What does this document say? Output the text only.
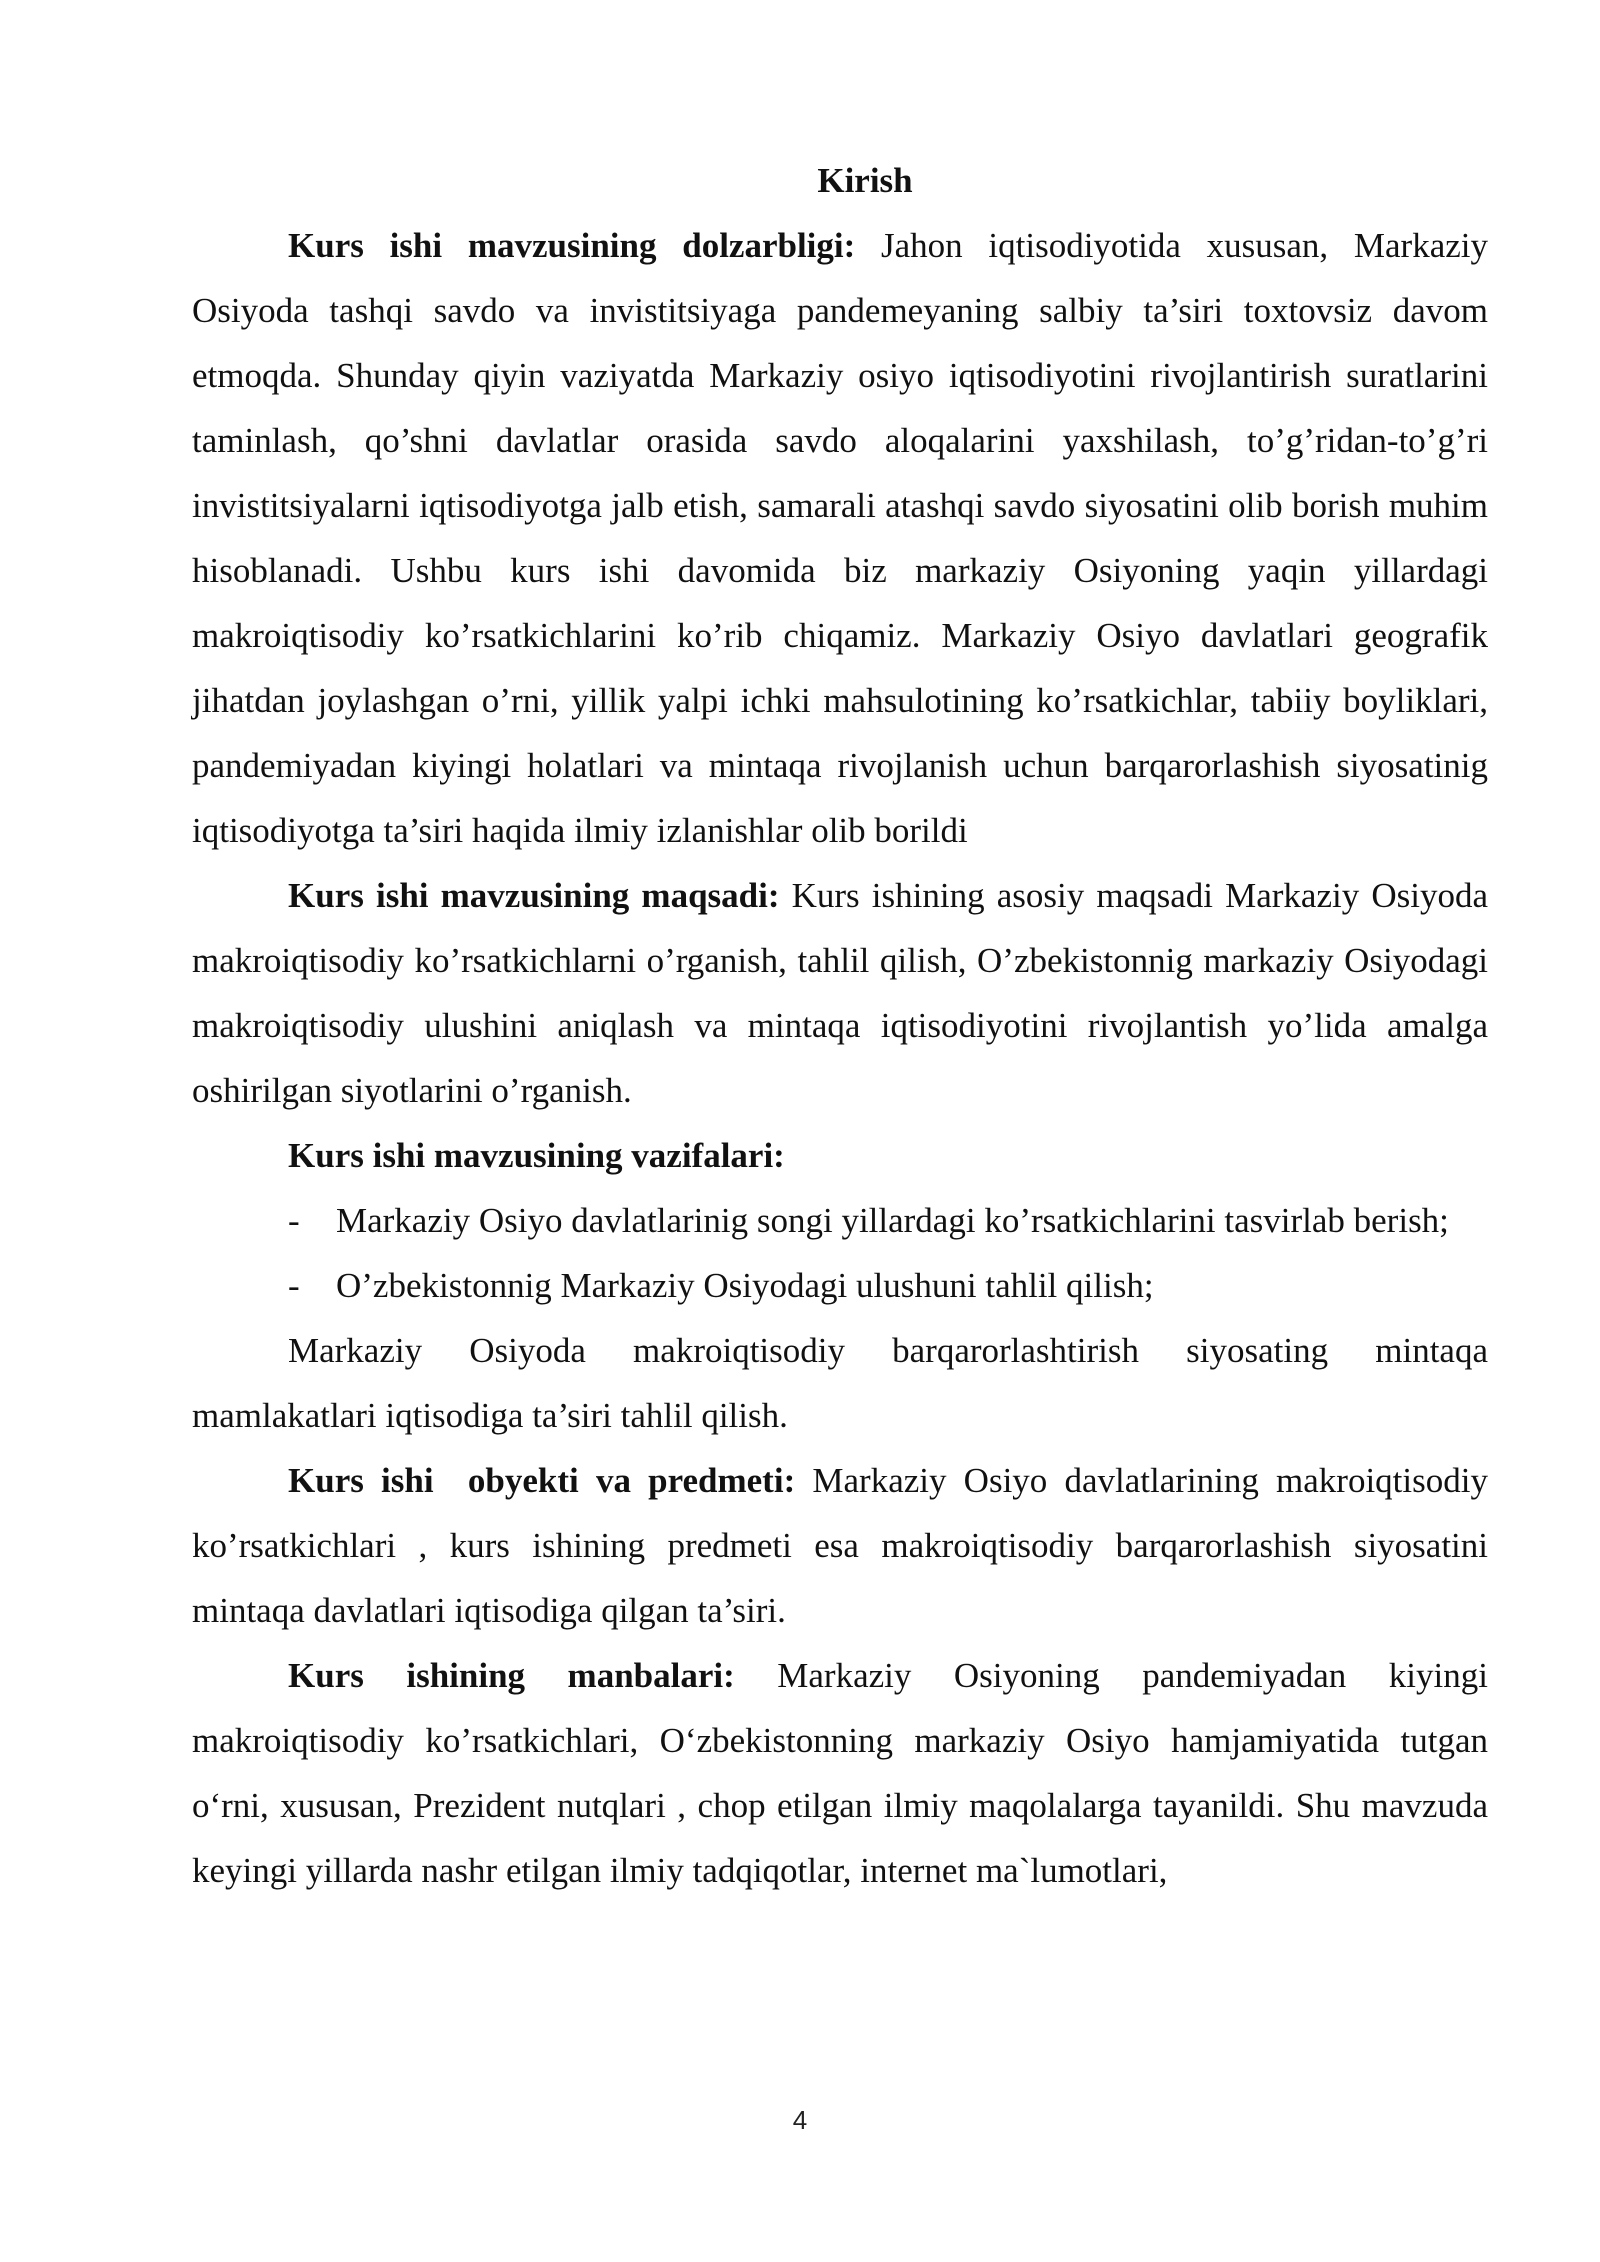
Kirish

Kurs ishi mavzusining dolzarbligi: Jahon iqtisodiyotida xususan, Markaziy Osiyoda tashqi savdo va invistitsiyaga pandemeyaning salbiy ta’siri toxtovsiz davom etmoqda. Shunday qiyin vaziyatda Markaziy osiyo iqtisodiyotini rivojlantirish suratlarini taminlash, qo’shni davlatlar orasida savdo aloqalarini yaxshilash, to’g’ridan-to’g’ri invistitsiyalarni iqtisodiyotga jalb etish, samarali atashqi savdo siyosatini olib borish muhim hisoblanadi. Ushbu kurs ishi davomida biz markaziy Osiyoning yaqin yillardagi makroiqtisodiy ko’rsatkichlarini ko’rib chiqamiz. Markaziy Osiyo davlatlari geografik jihatdan joylashgan o’rni, yillik yalpi ichki mahsulotining ko’rsatkichlar, tabiiy boyliklari, pandemiyadan kiyingi holatlari va mintaqa rivojlanish uchun barqarorlashish siyosatinig iqtisodiyotga ta’siri haqida ilmiy izlanishlar olib borildi

Kurs ishi mavzusining maqsadi: Kurs ishining asosiy maqsadi Markaziy Osiyoda makroiqtisodiy ko’rsatkichlarni o’rganish, tahlil qilish, O’zbekistonnig markaziy Osiyodagi makroiqtisodiy ulushini aniqlash va mintaqa iqtisodiyotini rivojlantish yo’lida amalga oshirilgan siyotlarini o’rganish.

Kurs ishi mavzusining vazifalari:

- Markaziy Osiyo davlatlarinig songi yillardagi ko’rsatkichlarini tasvirlab berish;
- O’zbekistonnig Markaziy Osiyodagi ulushuni tahlil qilish;

Markaziy Osiyoda makroiqtisodiy barqarorlashtirish siyosating mintaqa mamlakatlari iqtisodiga ta’siri tahlil qilish.

Kurs ishi  obyekti va predmeti: Markaziy Osiyo davlatlarining makroiqtisodiy ko’rsatkichlari , kurs ishining predmeti esa makroiqtisodiy barqarorlashish siyosatini mintaqa davlatlari iqtisodiga qilgan ta’siri.

Kurs ishining manbalari: Markaziy Osiyoning pandemiyadan kiyingi makroiqtisodiy ko’rsatkichlari, O‘zbekistonning markaziy Osiyo hamjamiyatida tutgan o‘rni, xususan, Prezident nutqlari , chop etilgan ilmiy maqolalarga tayanildi. Shu mavzuda keyingi yillarda nashr etilgan ilmiy tadqiqotlar, internet ma`lumotlari,

4
